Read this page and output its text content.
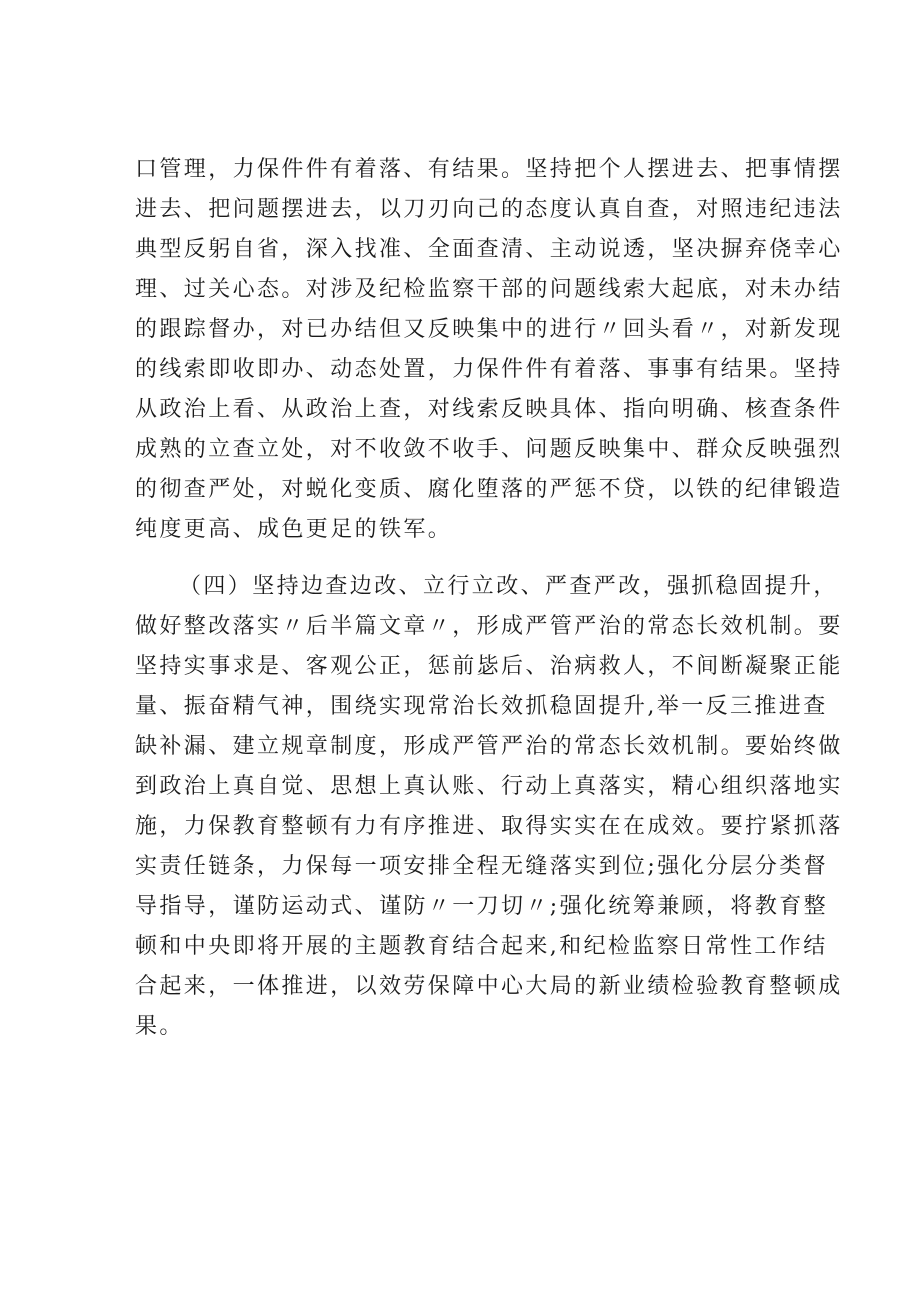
口管理，力保件件有着落、有结果。坚持把个人摆进去、把事情摆
进去、把问题摆进去，以刀刃向己的态度认真自查，对照违纪违法
典型反躬自省，深入找准、全面查清、主动说透，坚决摒弃侥幸心
理、过关心态。对涉及纪检监察干部的问题线索大起底，对未办结
的跟踪督办，对已办结但又反映集中的进行〃回头看〃，对新发现
的线索即收即办、动态处置，力保件件有着落、事事有结果。坚持
从政治上看、从政治上查，对线索反映具体、指向明确、核查条件
成熟的立查立处，对不收敛不收手、问题反映集中、群众反映强烈
的彻查严处，对蜕化变质、腐化堕落的严惩不贷，以铁的纪律锻造
纯度更高、成色更足的铁军。
（四）坚持边查边改、立行立改、严查严改，强抓稳固提升，
做好整改落实〃后半篇文章〃，形成严管严治的常态长效机制。要
坚持实事求是、客观公正，惩前毖后、治病救人，不间断凝聚正能
量、振奋精气神，围绕实现常治长效抓稳固提升,举一反三推进查
缺补漏、建立规章制度，形成严管严治的常态长效机制。要始终做
到政治上真自觉、思想上真认账、行动上真落实，精心组织落地实
施，力保教育整顿有力有序推进、取得实实在在成效。要拧紧抓落
实责任链条，力保每一项安排全程无缝落实到位;强化分层分类督
导指导，谨防运动式、谨防〃一刀切〃;强化统筹兼顾，将教育整
顿和中央即将开展的主题教育结合起来,和纪检监察日常性工作结
合起来，一体推进，以效劳保障中心大局的新业绩检验教育整顿成
果。
